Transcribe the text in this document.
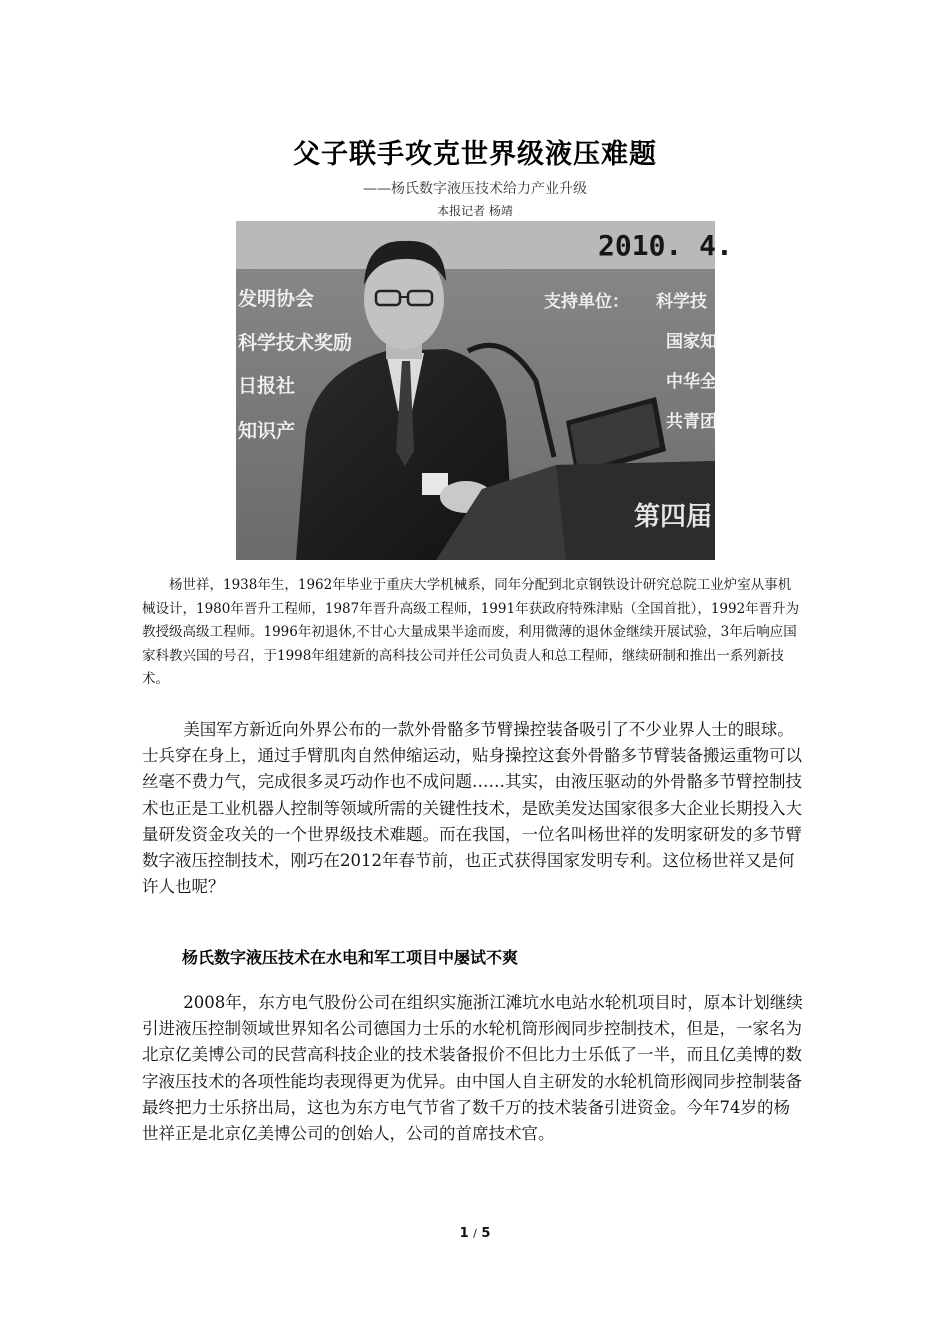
父子联手攻克世界级液压难题
——杨氏数字液压技术给力产业升级
本报记者 杨靖
2010. 4.
发明协会
科学技术奖励
日报社
知识产
支持单位： 科学技
国家知
中华全
共青团
第四届
杨世祥，1938年生，1962年毕业于重庆大学机械系，同年分配到北京钢铁设计研究总院工业炉室从事机械设计，1980年晋升工程师，1987年晋升高级工程师，1991年获政府特殊津贴（全国首批），1992年晋升为教授级高级工程师。1996年初退休,不甘心大量成果半途而废，利用微薄的退休金继续开展试验，3年后响应国家科教兴国的号召，于1998年组建新的高科技公司并任公司负责人和总工程师，继续研制和推出一系列新技术。
美国军方新近向外界公布的一款外骨骼多节臂操控装备吸引了不少业界人士的眼球。士兵穿在身上，通过手臂肌肉自然伸缩运动，贴身操控这套外骨骼多节臂装备搬运重物可以丝毫不费力气，完成很多灵巧动作也不成问题……其实，由液压驱动的外骨骼多节臂控制技术也正是工业机器人控制等领域所需的关键性技术，是欧美发达国家很多大企业长期投入大量研发资金攻关的一个世界级技术难题。而在我国，一位名叫杨世祥的发明家研发的多节臂数字液压控制技术，刚巧在2012年春节前，也正式获得国家发明专利。这位杨世祥又是何许人也呢？
杨氏数字液压技术在水电和军工项目中屡试不爽
2008年，东方电气股份公司在组织实施浙江滩坑水电站水轮机项目时，原本计划继续引进液压控制领域世界知名公司德国力士乐的水轮机筒形阀同步控制技术，但是，一家名为北京亿美博公司的民营高科技企业的技术装备报价不但比力士乐低了一半，而且亿美博的数字液压技术的各项性能均表现得更为优异。由中国人自主研发的水轮机筒形阀同步控制装备最终把力士乐挤出局，这也为东方电气节省了数千万的技术装备引进资金。今年74岁的杨世祥正是北京亿美博公司的创始人，公司的首席技术官。
1 / 5
